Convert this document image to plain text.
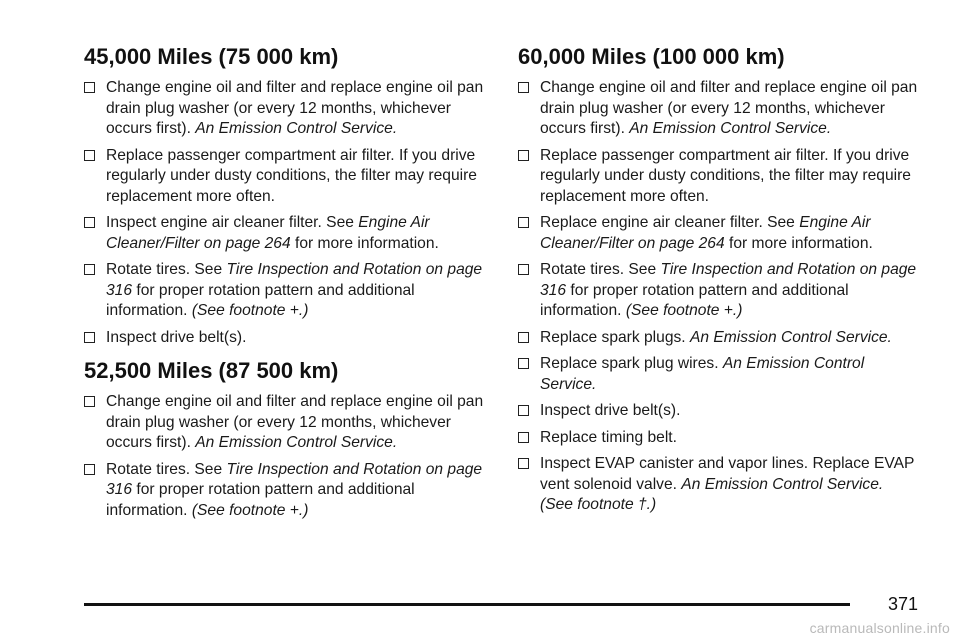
45,000 Miles (75 000 km)
Change engine oil and filter and replace engine oil pan drain plug washer (or every 12 months, whichever occurs first). An Emission Control Service.
Replace passenger compartment air filter. If you drive regularly under dusty conditions, the filter may require replacement more often.
Inspect engine air cleaner filter. See Engine Air Cleaner/Filter on page 264 for more information.
Rotate tires. See Tire Inspection and Rotation on page 316 for proper rotation pattern and additional information. (See footnote +.)
Inspect drive belt(s).
52,500 Miles (87 500 km)
Change engine oil and filter and replace engine oil pan drain plug washer (or every 12 months, whichever occurs first). An Emission Control Service.
Rotate tires. See Tire Inspection and Rotation on page 316 for proper rotation pattern and additional information. (See footnote +.)
60,000 Miles (100 000 km)
Change engine oil and filter and replace engine oil pan drain plug washer (or every 12 months, whichever occurs first). An Emission Control Service.
Replace passenger compartment air filter. If you drive regularly under dusty conditions, the filter may require replacement more often.
Replace engine air cleaner filter. See Engine Air Cleaner/Filter on page 264 for more information.
Rotate tires. See Tire Inspection and Rotation on page 316 for proper rotation pattern and additional information. (See footnote +.)
Replace spark plugs. An Emission Control Service.
Replace spark plug wires. An Emission Control Service.
Inspect drive belt(s).
Replace timing belt.
Inspect EVAP canister and vapor lines. Replace EVAP vent solenoid valve. An Emission Control Service. (See footnote †.)
371
carmanualsonline.info
